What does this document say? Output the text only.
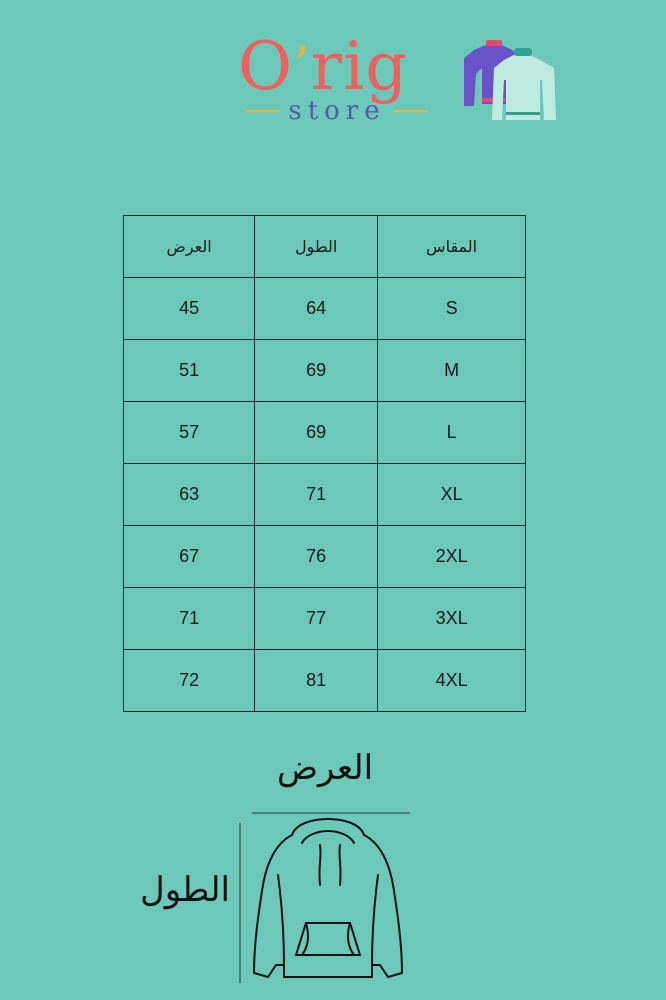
O’rig
store
العرض	الطول	المقاس
45	64	S
51	69	M
57	69	L
63	71	XL
67	76	2XL
71	77	3XL
72	81	4XL
العرض
الطول
